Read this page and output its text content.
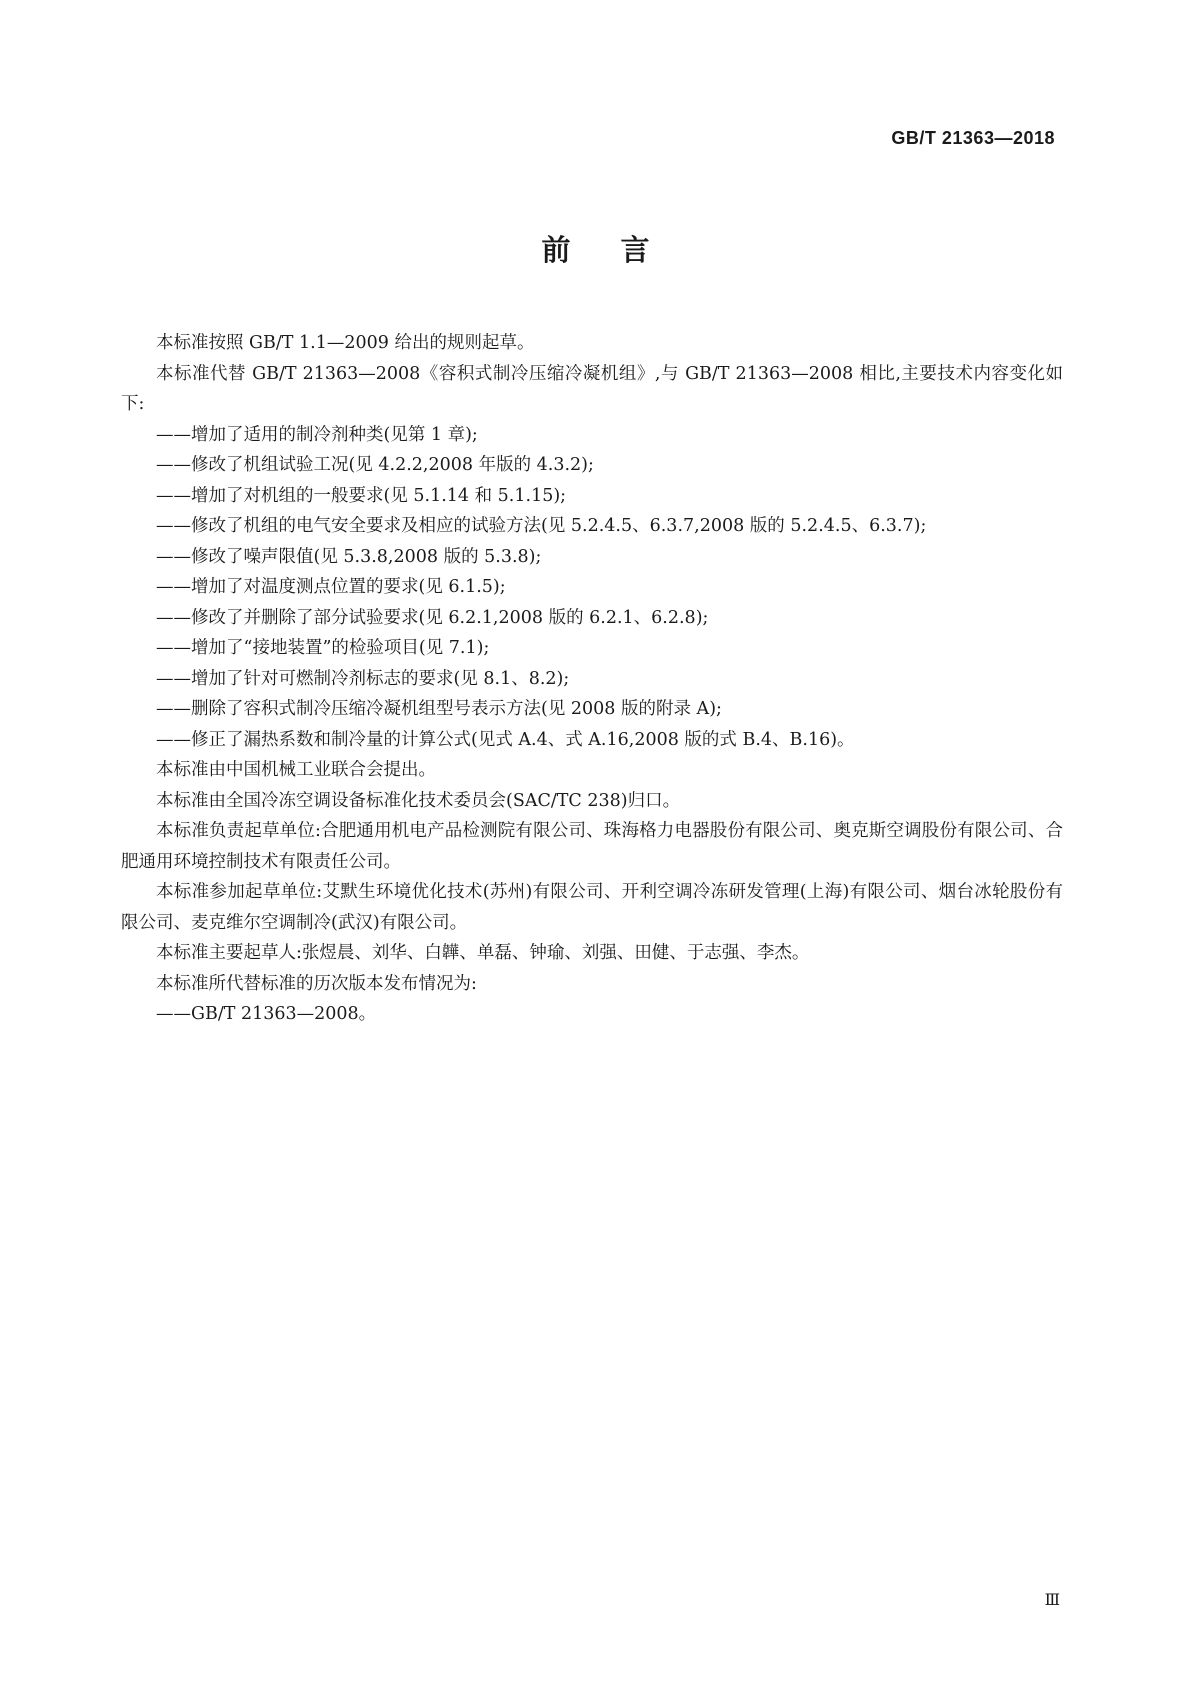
GB/T 21363—2018
前言

本标准按照 GB/T 1.1—2009 给出的规则起草。

本标准代替 GB/T 21363—2008《容积式制冷压缩冷凝机组》,与 GB/T 21363—2008 相比,主要技术内容变化如下:

——增加了适用的制冷剂种类(见第 1 章);

——修改了机组试验工况(见 4.2.2,2008 年版的 4.3.2);

——增加了对机组的一般要求(见 5.1.14 和 5.1.15);

——修改了机组的电气安全要求及相应的试验方法(见 5.2.4.5、6.3.7,2008 版的 5.2.4.5、6.3.7);

——修改了噪声限值(见 5.3.8,2008 版的 5.3.8);

——增加了对温度测点位置的要求(见 6.1.5);

——修改了并删除了部分试验要求(见 6.2.1,2008 版的 6.2.1、6.2.8);

——增加了“接地装置”的检验项目(见 7.1);

——增加了针对可燃制冷剂标志的要求(见 8.1、8.2);

——删除了容积式制冷压缩冷凝机组型号表示方法(见 2008 版的附录 A);

——修正了漏热系数和制冷量的计算公式(见式 A.4、式 A.16,2008 版的式 B.4、B.16)。

本标准由中国机械工业联合会提出。

本标准由全国冷冻空调设备标准化技术委员会(SAC/TC 238)归口。

本标准负责起草单位:合肥通用机电产品检测院有限公司、珠海格力电器股份有限公司、奥克斯空调股份有限公司、合肥通用环境控制技术有限责任公司。

本标准参加起草单位:艾默生环境优化技术(苏州)有限公司、开利空调冷冻研发管理(上海)有限公司、烟台冰轮股份有限公司、麦克维尔空调制冷(武汉)有限公司。

本标准主要起草人:张煜晨、刘华、白韡、单磊、钟瑜、刘强、田健、于志强、李杰。

本标准所代替标准的历次版本发布情况为:

——GB/T 21363—2008。

Ⅲ
